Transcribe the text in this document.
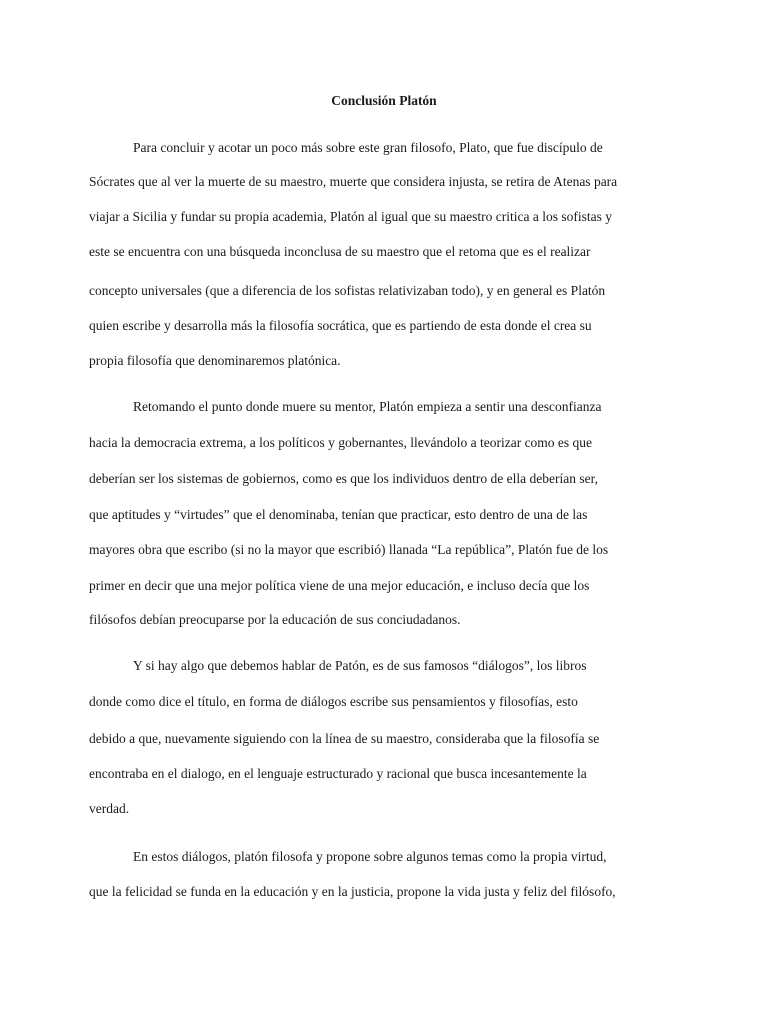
Conclusión Platón

Para concluir y acotar un poco más sobre este gran filosofo, Plato, que fue discípulo de

Sócrates que al ver la muerte de su maestro, muerte que considera injusta, se retira de Atenas para

viajar a Sicilia y fundar su propia academia, Platón al igual que su maestro critica a los sofistas y

este se encuentra con una búsqueda inconclusa de su maestro que el retoma que es el realizar

concepto universales (que a diferencia de los sofistas relativizaban todo), y en general es Platón

quien escribe y desarrolla más la filosofía socrática, que es partiendo de esta donde el crea su

propia filosofía que denominaremos platónica.

Retomando el punto donde muere su mentor, Platón empieza a sentir una desconfianza

hacia la democracia extrema, a los políticos y gobernantes, llevándolo a teorizar como es que

deberían ser los sistemas de gobiernos, como es que los individuos dentro de ella deberían ser,

que aptitudes y “virtudes” que el denominaba, tenían que practicar, esto dentro de una de las

mayores obra que escribo (si no la mayor que escribió) llanada “La república”, Platón fue de los

primer en decir que una mejor política viene de una mejor educación, e incluso decía que los

filósofos debían preocuparse por la educación de sus conciudadanos.

Y si hay algo que debemos hablar de Patón, es de sus famosos “diálogos”, los libros

donde como dice el título, en forma de diálogos escribe sus pensamientos y filosofías, esto

debido a que, nuevamente siguiendo con la línea de su maestro, consideraba que la filosofía se

encontraba en el dialogo, en el lenguaje estructurado y racional que busca incesantemente la

verdad.

En estos diálogos, platón filosofa y propone sobre algunos temas como la propia virtud,

que la felicidad se funda en la educación y en la justicia, propone la vida justa y feliz del filósofo,
